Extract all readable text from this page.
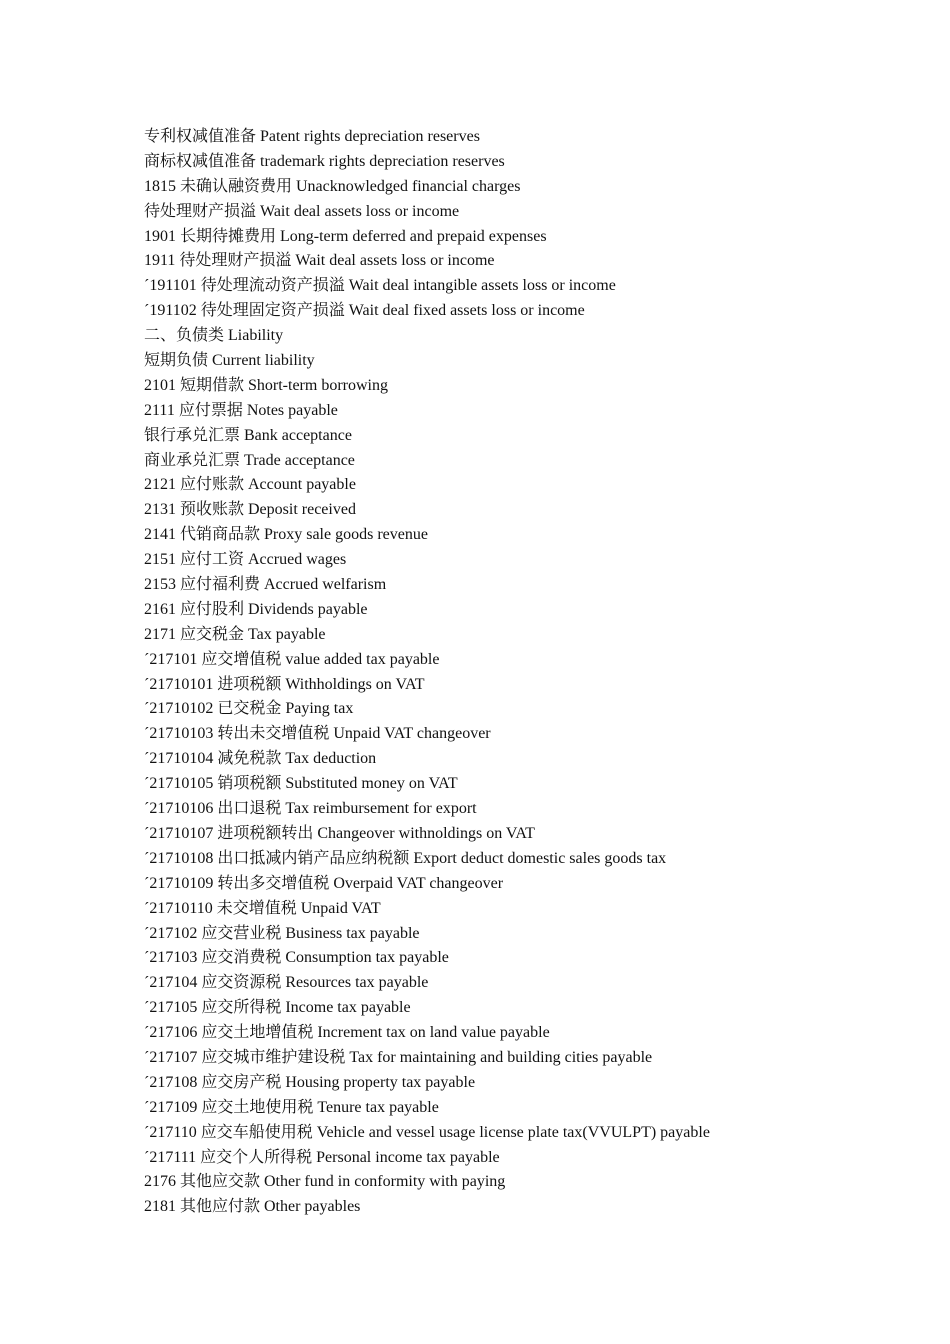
专利权减值准备 Patent rights depreciation reserves
商标权减值准备 trademark rights depreciation reserves
1815 未确认融资费用 Unacknowledged financial charges
待处理财产损溢 Wait deal assets loss or income
1901 长期待摊费用 Long-term deferred and prepaid expenses
1911 待处理财产损溢 Wait deal assets loss or income
´191101 待处理流动资产损溢 Wait deal intangible assets loss or income
´191102 待处理固定资产损溢 Wait deal fixed assets loss or income
二、负债类 Liability
短期负债 Current liability
2101 短期借款 Short-term borrowing
2111 应付票据 Notes payable
银行承兑汇票 Bank acceptance
商业承兑汇票 Trade acceptance
2121 应付账款 Account payable
2131 预收账款 Deposit received
2141 代销商品款 Proxy sale goods revenue
2151 应付工资 Accrued wages
2153 应付福利费 Accrued welfarism
2161 应付股利 Dividends payable
2171 应交税金 Tax payable
´217101 应交增值税 value added tax payable
´21710101 进项税额 Withholdings on VAT
´21710102 已交税金 Paying tax
´21710103 转出未交增值税 Unpaid VAT changeover
´21710104 减免税款 Tax deduction
´21710105 销项税额 Substituted money on VAT
´21710106 出口退税 Tax reimbursement for export
´21710107 进项税额转出 Changeover withnoldings on VAT
´21710108 出口抵减内销产品应纳税额 Export deduct domestic sales goods tax
´21710109 转出多交增值税 Overpaid VAT changeover
´21710110 未交增值税 Unpaid VAT
´217102 应交营业税 Business tax payable
´217103 应交消费税 Consumption tax payable
´217104 应交资源税 Resources tax payable
´217105 应交所得税 Income tax payable
´217106 应交土地增值税 Increment tax on land value payable
´217107 应交城市维护建设税 Tax for maintaining and building cities payable
´217108 应交房产税 Housing property tax payable
´217109 应交土地使用税 Tenure tax payable
´217110 应交车船使用税 Vehicle and vessel usage license plate tax(VVULPT) payable
´217111 应交个人所得税 Personal income tax payable
2176 其他应交款 Other fund in conformity with paying
2181 其他应付款 Other payables
